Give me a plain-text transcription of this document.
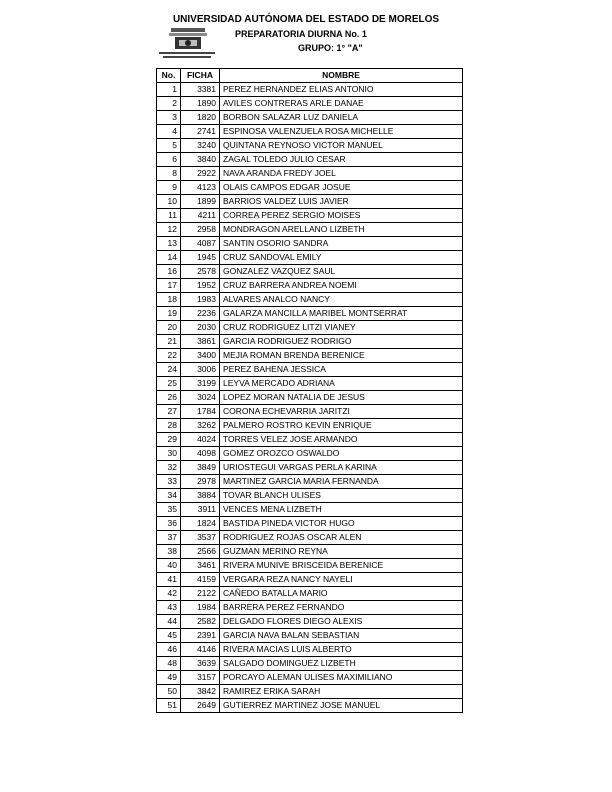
UNIVERSIDAD AUTÓNOMA DEL ESTADO DE MORELOS
PREPARATORIA DIURNA No. 1
GRUPO: 1° "A"
No.	FICHA	NOMBRE
1	3381	PEREZ HERNANDEZ ELIAS ANTONIO
2	1890	AVILES CONTRERAS ARLE DANAE
3	1820	BORBON SALAZAR LUZ DANIELA
4	2741	ESPINOSA VALENZUELA ROSA MICHELLE
5	3240	QUINTANA REYNOSO VICTOR MANUEL
6	3840	ZAGAL TOLEDO JULIO CESAR
8	2922	NAVA ARANDA FREDY JOEL
9	4123	OLAIS CAMPOS EDGAR JOSUE
10	1899	BARRIOS VALDEZ LUIS JAVIER
11	4211	CORREA PEREZ SERGIO MOISES
12	2958	MONDRAGON ARELLANO LIZBETH
13	4087	SANTIN OSORIO SANDRA
14	1945	CRUZ SANDOVAL EMILY
16	2578	GONZALEZ VAZQUEZ SAUL
17	1952	CRUZ BARRERA ANDREA NOEMI
18	1983	ALVARES ANALCO NANCY
19	2236	GALARZA MANCILLA MARIBEL MONTSERRAT
20	2030	CRUZ RODRIGUEZ LITZI VIANEY
21	3861	GARCIA RODRIGUEZ RODRIGO
22	3400	MEJIA ROMAN BRENDA BERENICE
24	3006	PEREZ BAHENA JESSICA
25	3199	LEYVA MERCADO ADRIANA
26	3024	LOPEZ MORAN NATALIA DE JESUS
27	1784	CORONA ECHEVARRIA JARITZI
28	3262	PALMERO ROSTRO KEVIN ENRIQUE
29	4024	TORRES VELEZ JOSE ARMANDO
30	4098	GOMEZ OROZCO OSWALDO
32	3849	URIOSTEGUI VARGAS PERLA KARINA
33	2978	MARTINEZ GARCIA MARIA FERNANDA
34	3884	TOVAR BLANCH ULISES
35	3911	VENCES MENA LIZBETH
36	1824	BASTIDA PINEDA VICTOR HUGO
37	3537	RODRIGUEZ ROJAS OSCAR ALEN
38	2566	GUZMAN MERINO REYNA
40	3461	RIVERA MUNIVE BRISCEIDA BERENICE
41	4159	VERGARA REZA NANCY NAYELI
42	2122	CAÑEDO BATALLA MARIO
43	1984	BARRERA PEREZ FERNANDO
44	2582	DELGADO FLORES DIEGO ALEXIS
45	2391	GARCIA NAVA BALAN SEBASTIAN
46	4146	RIVERA MACIAS LUIS ALBERTO
48	3639	SALGADO DOMINGUEZ LIZBETH
49	3157	PORCAYO ALEMAN ULISES MAXIMILIANO
50	3842	RAMIREZ ERIKA SARAH
51	2649	GUTIERREZ MARTINEZ JOSE MANUEL
